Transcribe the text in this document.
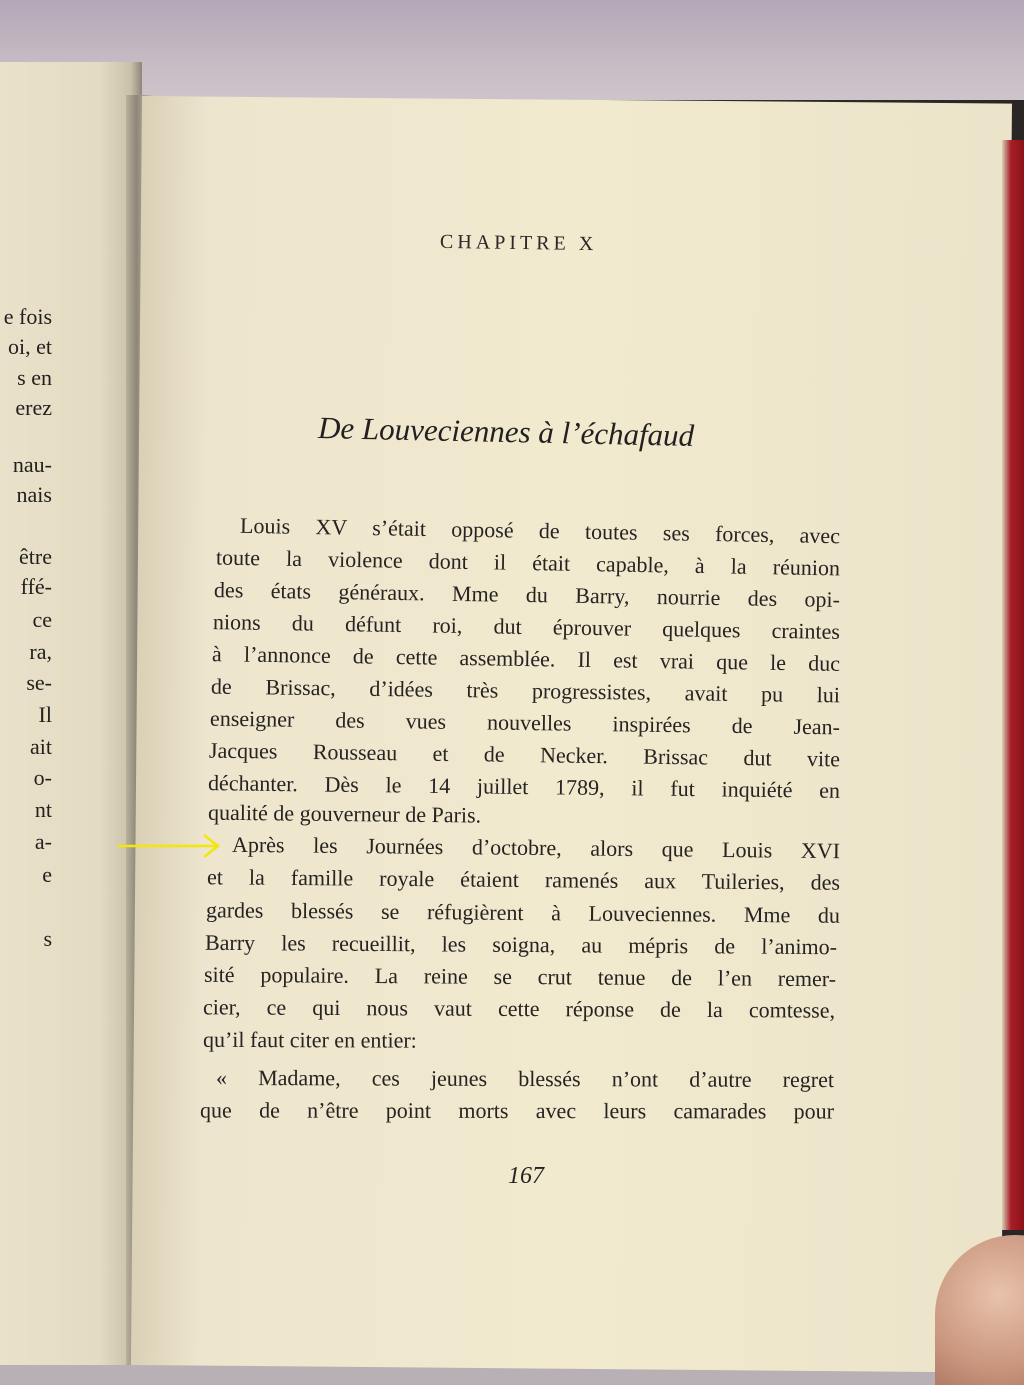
e fois
oi, et
s en
erez
nau-
nais
être
ffé-
ce
ra,
se-
Il
ait
o-
nt
a-
e
s
CHAPITRE X
De Louveciennes à l’échafaud
Louis XV s’était opposé de toutes ses forces, avec
toute la violence dont il était capable, à la réunion
des états généraux. Mme du Barry, nourrie des opi-
nions du défunt roi, dut éprouver quelques craintes
à l’annonce de cette assemblée. Il est vrai que le duc
de Brissac, d’idées très progressistes, avait pu lui
enseigner des vues nouvelles inspirées de Jean-
Jacques Rousseau et de Necker. Brissac dut vite
déchanter. Dès le 14 juillet 1789, il fut inquiété en
qualité de gouverneur de Paris.
Après les Journées d’octobre, alors que Louis XVI
et la famille royale étaient ramenés aux Tuileries, des
gardes blessés se réfugièrent à Louveciennes. Mme du
Barry les recueillit, les soigna, au mépris de l’animo-
sité populaire. La reine se crut tenue de l’en remer-
cier, ce qui nous vaut cette réponse de la comtesse,
qu’il faut citer en entier:
« Madame, ces jeunes blessés n’ont d’autre regret
que de n’être point morts avec leurs camarades pour
167
